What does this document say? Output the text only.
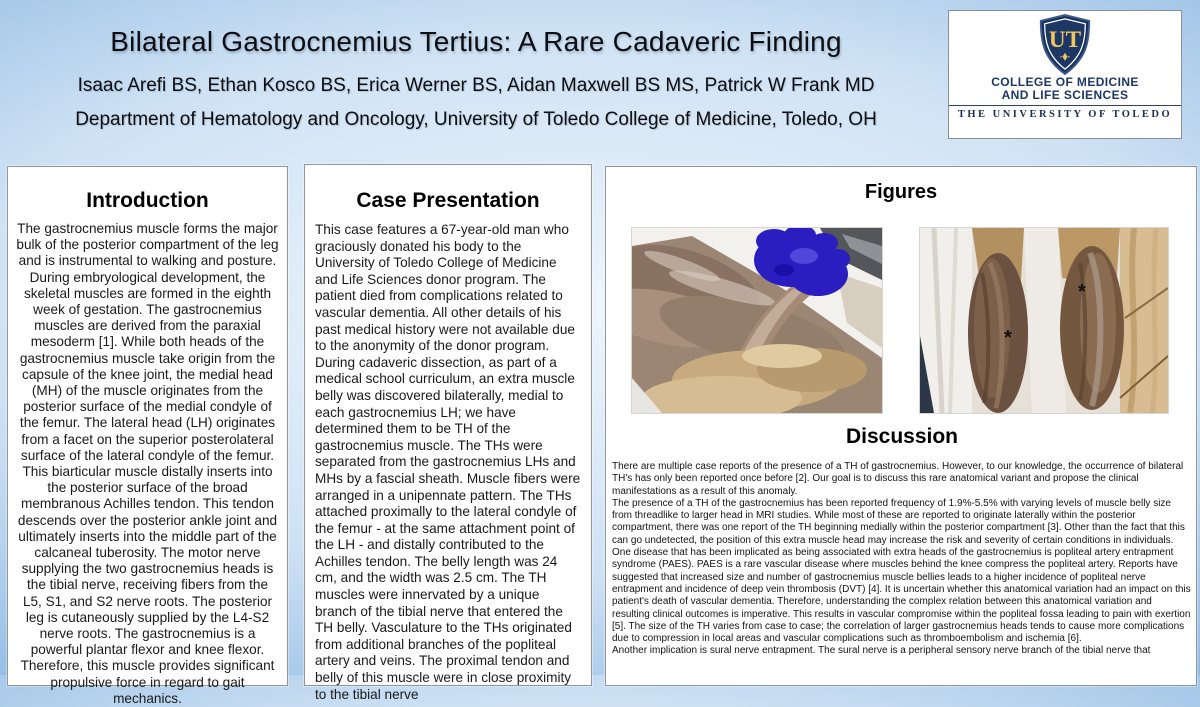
Bilateral Gastrocnemius Tertius: A Rare Cadaveric Finding
Isaac Arefi BS, Ethan Kosco BS, Erica Werner BS, Aidan Maxwell BS MS, Patrick W Frank MD
Department of Hematology and Oncology, University of Toledo College of Medicine, Toledo, OH
UT
COLLEGE OF MEDICINE
AND LIFE SCIENCES
THE UNIVERSITY OF TOLEDO
Introduction

The gastrocnemius muscle forms the major bulk of the posterior compartment of the leg and is instrumental to walking and posture. During embryological development, the skeletal muscles are formed in the eighth week of gestation. The gastrocnemius muscles are derived from the paraxial mesoderm [1]. While both heads of the gastrocnemius muscle take origin from the capsule of the knee joint, the medial head (MH) of the muscle originates from the posterior surface of the medial condyle of the femur. The lateral head (LH) originates from a facet on the superior posterolateral surface of the lateral condyle of the femur. This biarticular muscle distally inserts into the posterior surface of the broad membranous Achilles tendon. This tendon descends over the posterior ankle joint and ultimately inserts into the middle part of the calcaneal tuberosity. The motor nerve supplying the two gastrocnemius heads is the tibial nerve, receiving fibers from the L5, S1, and S2 nerve roots. The posterior leg is cutaneously supplied by the L4-S2 nerve roots. The gastrocnemius is a powerful plantar flexor and knee flexor. Therefore, this muscle provides significant propulsive force in regard to gait mechanics.

Case Presentation

This case features a 67-year-old man who graciously donated his body to the University of Toledo College of Medicine and Life Sciences donor program. The patient died from complications related to vascular dementia. All other details of his past medical history were not available due to the anonymity of the donor program. During cadaveric dissection, as part of a medical school curriculum, an extra muscle belly was discovered bilaterally, medial to each gastrocnemius LH; we have determined them to be TH of the gastrocnemius muscle. The THs were separated from the gastrocnemius LHs and MHs by a fascial sheath. Muscle fibers were arranged in a unipennate pattern. The THs attached proximally to the lateral condyle of the femur - at the same attachment point of the LH - and distally contributed to the Achilles tendon. The belly length was 24 cm, and the width was 2.5 cm. The TH muscles were innervated by a unique branch of the tibial nerve that entered the TH belly. Vasculature to the THs originated from additional branches of the popliteal artery and veins. The proximal tendon and belly of this muscle were in close proximity to the tibial nerve

Figures
*
*
Discussion

There are multiple case reports of the presence of a TH of gastrocnemius. However, to our knowledge, the occurrence of bilateral TH's has only been reported once before [2]. Our goal is to discuss this rare anatomical variant and propose the clinical manifestations as a result of this anomaly.

The presence of a TH of the gastrocnemius has been reported frequency of 1.9%-5.5% with varying levels of muscle belly size from threadlike to larger head in MRI studies. While most of these are reported to originate laterally within the posterior compartment, there was one report of the TH beginning medially within the posterior compartment [3]. Other than the fact that this can go undetected, the position of this extra muscle head may increase the risk and severity of certain conditions in individuals. One disease that has been implicated as being associated with extra heads of the gastrocnemius is popliteal artery entrapment syndrome (PAES). PAES is a rare vascular disease where muscles behind the knee compress the popliteal artery. Reports have suggested that increased size and number of gastrocnemius muscle bellies leads to a higher incidence of popliteal nerve entrapment and incidence of deep vein thrombosis (DVT) [4]. It is uncertain whether this anatomical variation had an impact on this patient's death of vascular dementia. Therefore, understanding the complex relation between this anatomical variation and resulting clinical outcomes is imperative. This results in vascular compromise within the popliteal fossa leading to pain with exertion [5]. The size of the TH varies from case to case; the correlation of larger gastrocnemius heads tends to cause more complications due to compression in local areas and vascular complications such as thromboembolism and ischemia [6].

Another implication is sural nerve entrapment. The sural nerve is a peripheral sensory nerve branch of the tibial nerve that
